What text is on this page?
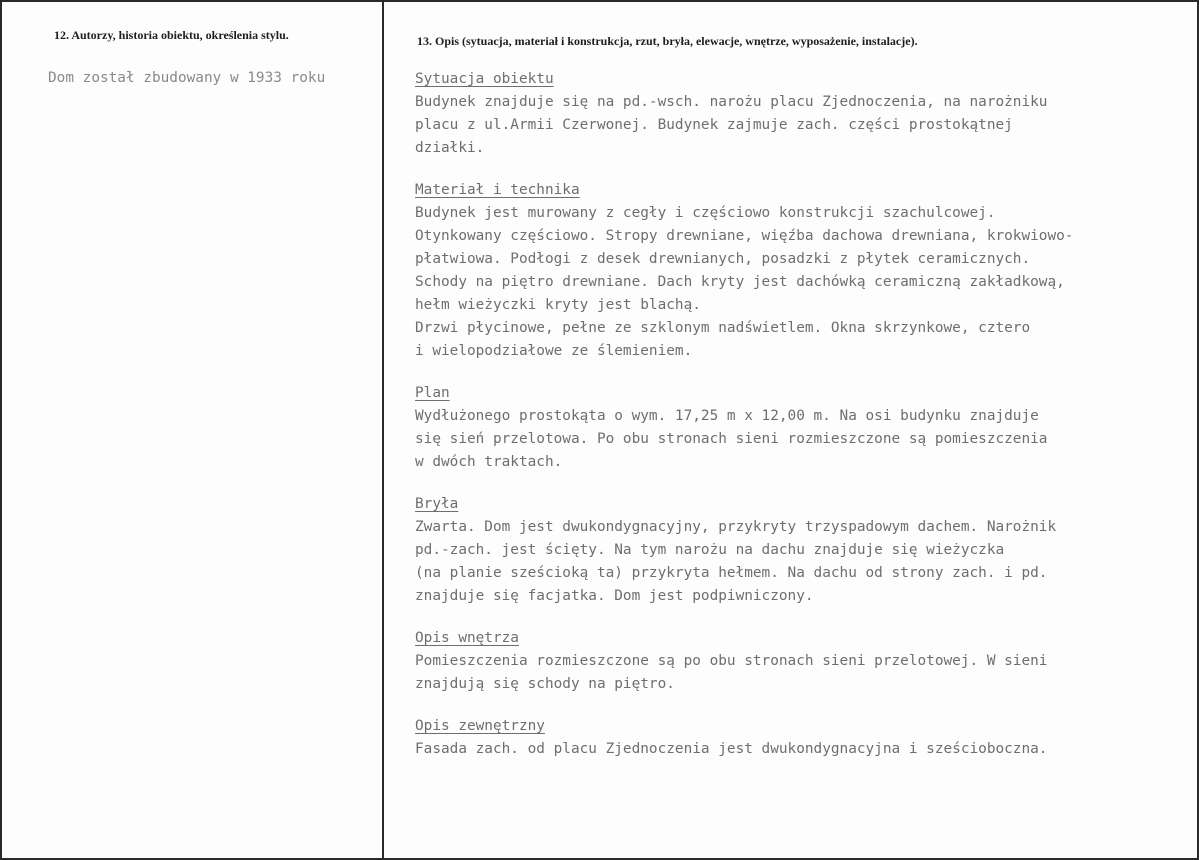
12. Autorzy, historia obiektu, określenia stylu.
Dom został zbudowany w 1933 roku
13. Opis (sytuacja, materiał i konstrukcja, rzut, bryła, elewacje, wnętrze, wyposażenie, instalacje).
Sytuacja obiektu
Budynek znajduje się na pd.-wsch. narożu placu Zjednoczenia, na narożniku
placu z ul.Armii Czerwonej. Budynek zajmuje zach. części prostokątnej
działki.
Materiał i technika
Budynek jest murowany z cegły i częściowo konstrukcji szachulcowej.
Otynkowany częściowo. Stropy drewniane, więźba dachowa drewniana, krokwiowo-
płatwiowa. Podłogi z desek drewnianych, posadzki z płytek ceramicznych.
Schody na piętro drewniane. Dach kryty jest dachówką ceramiczną zakładkową,
hełm wieżyczki kryty jest blachą.
Drzwi płycinowe, pełne ze szklonym nadświetlem. Okna skrzynkowe, cztero
i wielopodziałowe ze ślemieniem.
Plan
Wydłużonego prostokąta o wym. 17,25 m x 12,00 m. Na osi budynku znajduje
się sień przelotowa. Po obu stronach sieni rozmieszczone są pomieszczenia
w dwóch traktach.
Bryła
Zwarta. Dom jest dwukondygnacyjny, przykryty trzyspadowym dachem. Narożnik
pd.-zach. jest ścięty. Na tym narożu na dachu znajduje się wieżyczka
(na planie sześcioką ta) przykryta hełmem. Na dachu od strony zach. i pd.
znajduje się facjatka. Dom jest podpiwniczony.
Opis wnętrza
Pomieszczenia rozmieszczone są po obu stronach sieni przelotowej. W sieni
znajdują się schody na piętro.
Opis zewnętrzny
Fasada zach. od placu Zjednoczenia jest dwukondygnacyjna i sześcioboczna.
